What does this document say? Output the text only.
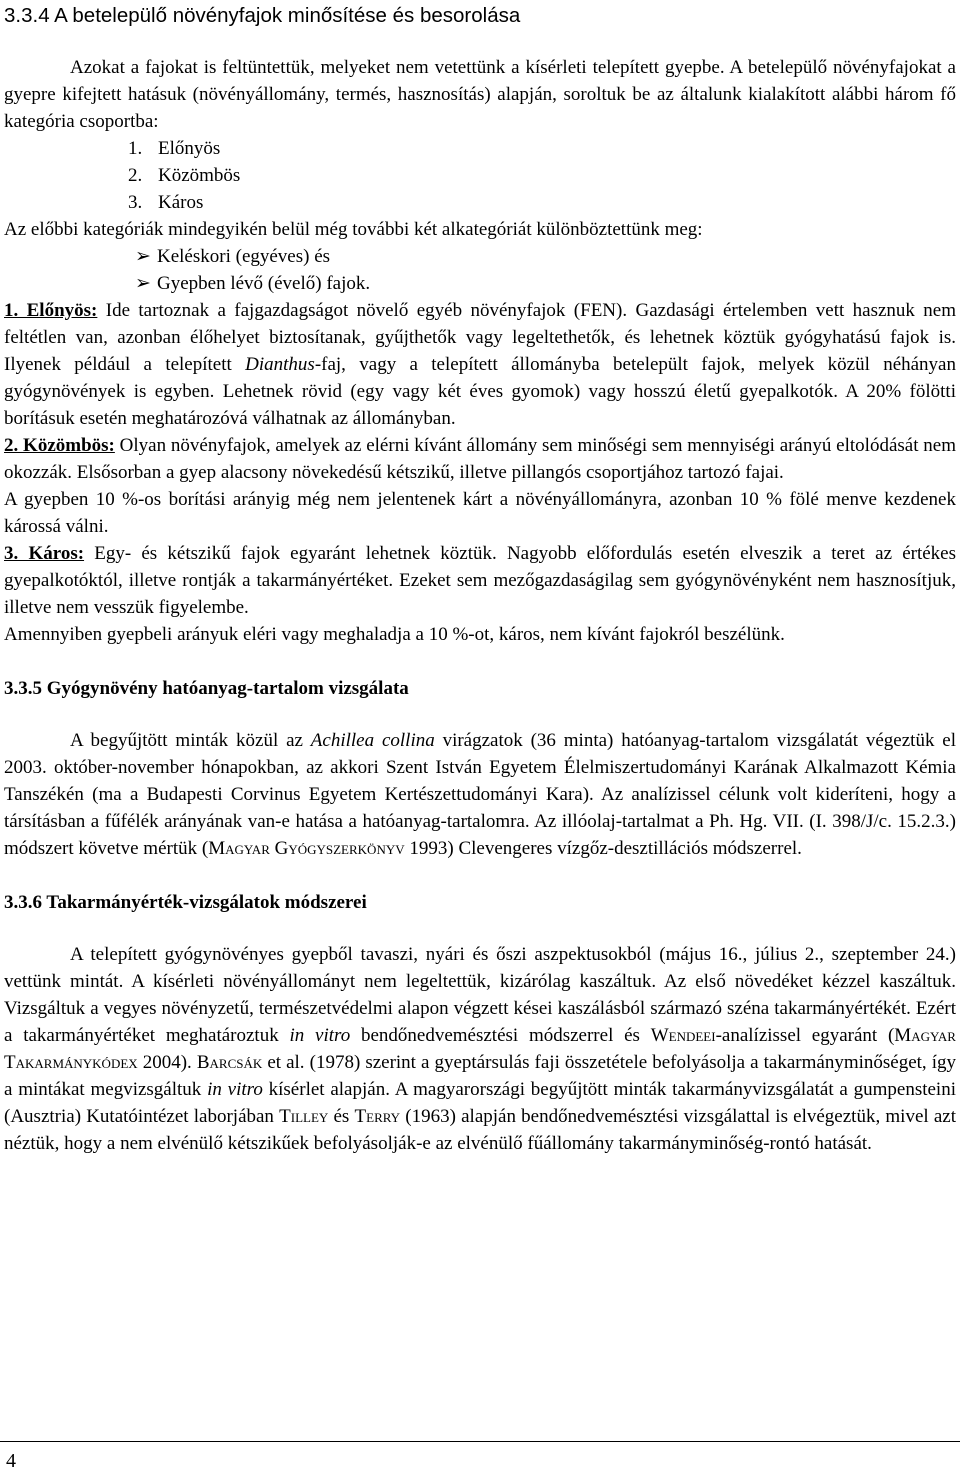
3.3.4 A betelepülő növényfajok minősítése és besorolása

Azokat a fajokat is feltüntettük, melyeket nem vetettünk a kísérleti telepített gyepbe. A betelepülő növényfajokat a gyepre kifejtett hatásuk (növényállomány, termés, hasznosítás) alapján, soroltuk be az általunk kialakított alábbi három fő kategória csoportba:

1. Előnyös
2. Közömbös
3. Káros

Az előbbi kategóriák mindegyikén belül még további két alkategóriát különböztettünk meg:

➢ Keléskori (egyéves) és
➢ Gyepben lévő (évelő) fajok.

1. Előnyös: Ide tartoznak a fajgazdagságot növelő egyéb növényfajok (FEN). Gazdasági értelemben vett hasznuk nem feltétlen van, azonban élőhelyet biztosítanak, gyűjthetők vagy legeltethetők, és lehetnek köztük gyógyhatású fajok is. Ilyenek például a telepített Dianthus-faj, vagy a telepített állományba betelepült fajok, melyek közül néhányan gyógynövények is egyben. Lehetnek rövid (egy vagy két éves gyomok) vagy hosszú életű gyepalkotók. A 20% fölötti borításuk esetén meghatározóvá válhatnak az állományban.

2. Közömbös: Olyan növényfajok, amelyek az elérni kívánt állomány sem minőségi sem mennyiségi arányú eltolódását nem okozzák. Elsősorban a gyep alacsony növekedésű kétszikű, illetve pillangós csoportjához tartozó fajai.

A gyepben 10 %-os borítási arányig még nem jelentenek kárt a növényállományra, azonban 10 % fölé menve kezdenek károssá válni.

3. Káros: Egy- és kétszikű fajok egyaránt lehetnek köztük. Nagyobb előfordulás esetén elveszik a teret az értékes gyepalkotóktól, illetve rontják a takarmányértéket. Ezeket sem mezőgazdaságilag sem gyógynövényként nem hasznosítjuk, illetve nem vesszük figyelembe.

Amennyiben gyepbeli arányuk eléri vagy meghaladja a 10 %-ot, káros, nem kívánt fajokról beszélünk.

3.3.5 Gyógynövény hatóanyag-tartalom vizsgálata

A begyűjtött minták közül az Achillea collina virágzatok (36 minta) hatóanyag-tartalom vizsgálatát végeztük el 2003. október-november hónapokban, az akkori Szent István Egyetem Élelmiszertudományi Karának Alkalmazott Kémia Tanszékén (ma a Budapesti Corvinus Egyetem Kertészettudományi Kara). Az analízissel célunk volt kideríteni, hogy a társításban a fűfélék arányának van-e hatása a hatóanyag-tartalomra. Az illóolaj-tartalmat a Ph. Hg. VII. (I. 398/J/c. 15.2.3.) módszert követve mértük (Magyar Gyógyszerkönyv 1993) Clevengeres vízgőz-desztillációs módszerrel.

3.3.6 Takarmányérték-vizsgálatok módszerei

A telepített gyógynövényes gyepből tavaszi, nyári és őszi aszpektusokból (május 16., július 2., szeptember 24.) vettünk mintát. A kísérleti növényállományt nem legeltettük, kizárólag kaszáltuk. Az első növedéket kézzel kaszáltuk. Vizsgáltuk a vegyes növényzetű, természetvédelmi alapon végzett kései kaszálásból származó széna takarmányértékét. Ezért a takarmányértéket meghatároztuk in vitro bendőnedvemésztési módszerrel és Wendeei-analízissel egyaránt (Magyar Takarmánykódex 2004). Barcsák et al. (1978) szerint a gyeptársulás faji összetétele befolyásolja a takarmányminőséget, így a mintákat megvizsgáltuk in vitro kísérlet alapján. A magyarországi begyűjtött minták takarmányvizsgálatát a gumpensteini (Ausztria) Kutatóintézet laborjában Tilley és Terry (1963) alapján bendőnedvemésztési vizsgálattal is elvégeztük, mivel azt néztük, hogy a nem elvénülő kétszikűek befolyásolják-e az elvénülő fűállomány takarmányminőség-rontó hatását.

4
